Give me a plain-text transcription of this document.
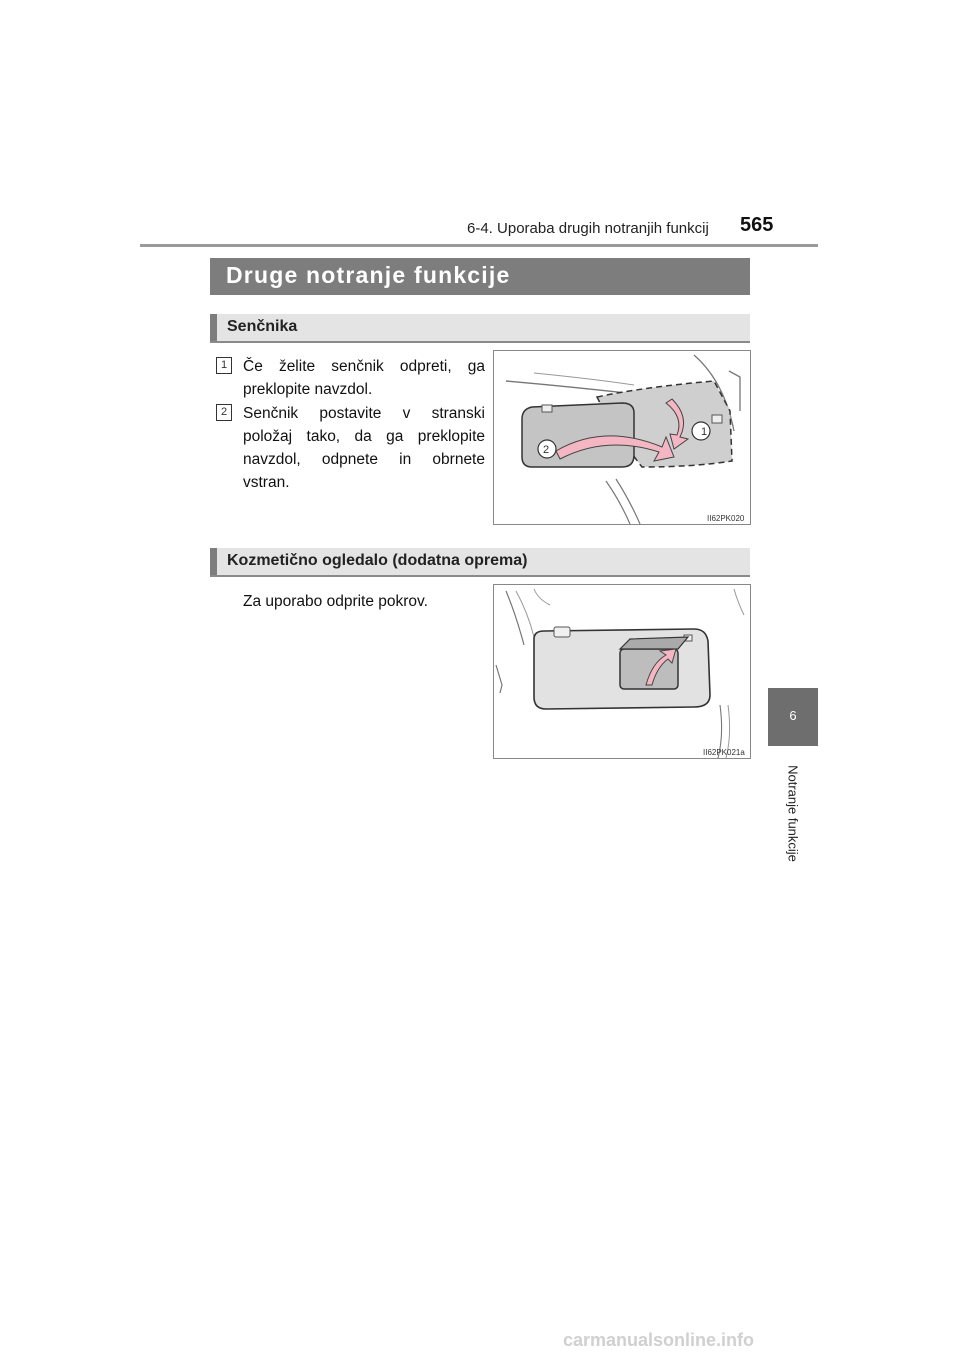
6-4. Uporaba drugih notranjih funkcij 565
Druge notranje funkcije
Senčnika
1	Če želite senčnik odpreti, ga preklopite navzdol.
2	Senčnik postavite v stranski položaj tako, da ga preklopite navzdol, odpnete in obrnete vstran.
1
2
II62PK020
Kozmetično ogledalo (dodatna oprema)
Za uporabo odprite pokrov.
II62PK021a
6
Notranje funkcije
carmanualsonline.info
